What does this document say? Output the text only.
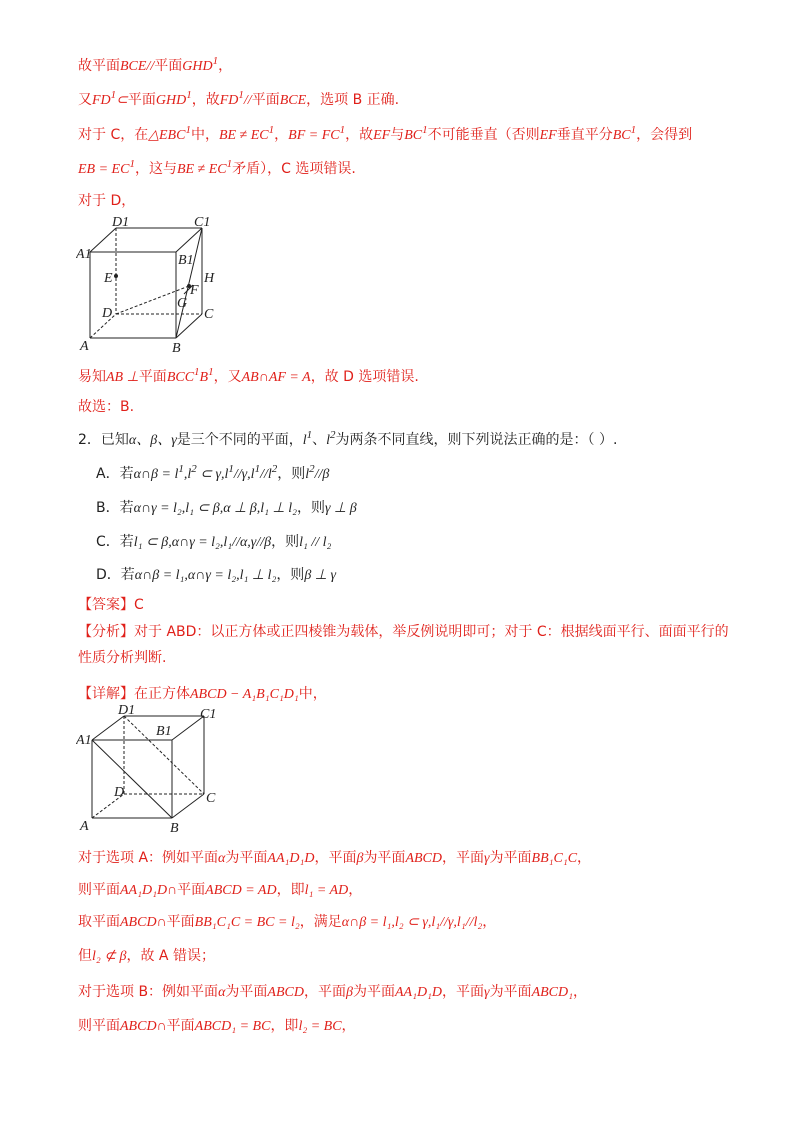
故平面BCE//平面GHD$^1$，
又$FD^1\subset$平面GHD$^1$，故$FD^1//$平面BCE，选项 B 正确.
对于 C，在△EBC$^1$中，BE ≠ $EC^1$，BF = $FC^1$，故EF与$BC^1$不可能垂直（否则EF垂直平分$BC^1$，会得到
EB = $EC^1$，这与BE ≠ $EC^1$矛盾），C 选项错误.
对于 D，
D1	C1
A1	B1
E	H
F
G
D	C
A	B
易知AB ⊥平面$BCC^1B^1$，又AB∩AF = A，故 D 选项错误.
故选：B.
2．已知α、β、γ是三个不同的平面，$l^1$、$l^2$为两条不同直线，则下列说法正确的是：（ ）.
A．若α∩β = $l^1,l^2$ ⊂ $\gamma,l^1//\gamma,l^1//l^2$，则$l^2//\beta$
B．若α∩γ = l₂,l₁ ⊂ β,α ⊥ β,l₁ ⊥ l₂，则γ ⊥ β
C．若l₁ ⊂ β,α∩γ = l₂,l₁//α,γ//β，则l₁ // l₂
D．若α∩β = l₁,α∩γ = l₂,l₁ ⊥ l₂，则β ⊥ γ
【答案】C
【分析】对于 ABD：以正方体或正四棱锥为载体，举反例说明即可；对于 C：根据线面平行、面面平行的
性质分析判断.
【详解】在正方体ABCD − A₁B₁C₁D₁中，
D1	C1
A1
B1
D	C
A	B
对于选项 A：例如平面α为平面AA₁D₁D，平面β为平面ABCD，平面γ为平面BB₁C₁C，
则平面AA₁D₁D∩平面ABCD = AD，即l₁ = AD，
取平面ABCD∩平面BB₁C₁C = BC = l₂，满足α∩β = l₁,l₂ ⊂ γ,l₁//γ,l₁//l₂，
但l₂ ⊄ β，故 A 错误；
对于选项 B：例如平面α为平面ABCD，平面β为平面AA₁D₁D，平面γ为平面ABCD₁，
则平面ABCD∩平面ABCD₁ = BC，即l₂ = BC，
